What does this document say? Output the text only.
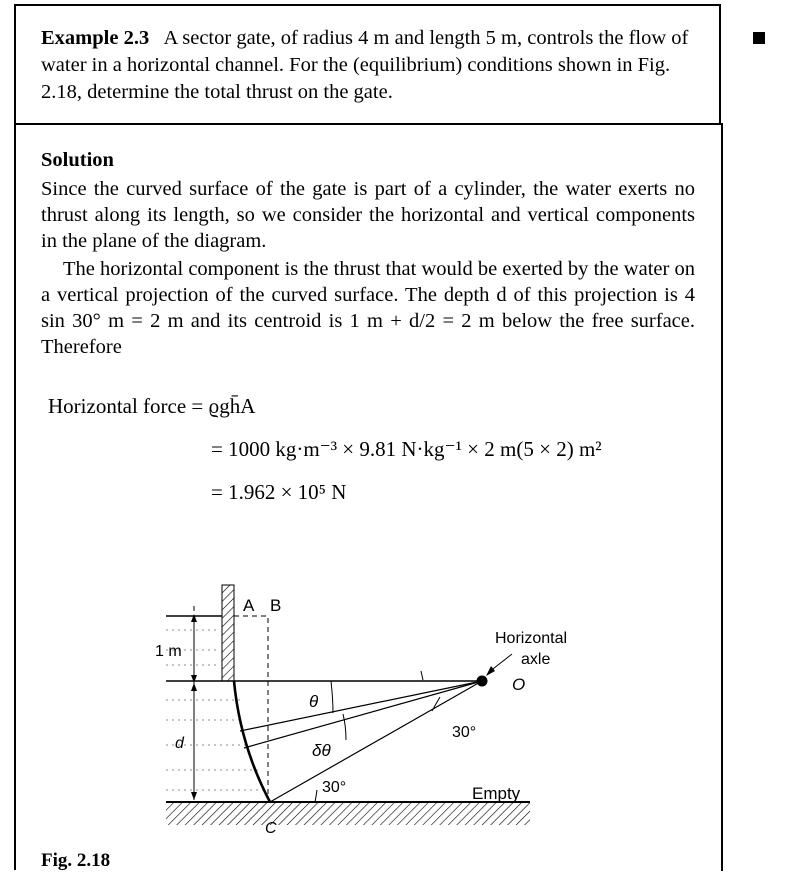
Example 2.3 A sector gate, of radius 4 m and length 5 m, controls the flow of water in a horizontal channel. For the (equilibrium) conditions shown in Fig. 2.18, determine the total thrust on the gate.
Solution
Since the curved surface of the gate is part of a cylinder, the water exerts no thrust along its length, so we consider the horizontal and vertical components in the plane of the diagram.
The horizontal component is the thrust that would be exerted by the water on a vertical projection of the curved surface. The depth d of this projection is 4 sin 30° m = 2 m and its centroid is 1 m + d/2 = 2 m below the free surface. Therefore
Horizontal force = ϱgh̄A
= 1000 kg·m⁻³ × 9.81 N·kg⁻¹ × 2 m(5 × 2) m²
= 1.962 × 10⁵ N
A B
1 m
d
θ
δθ
30°
30°
Horizontal
axle
O
Empty
C
Fig. 2.18
